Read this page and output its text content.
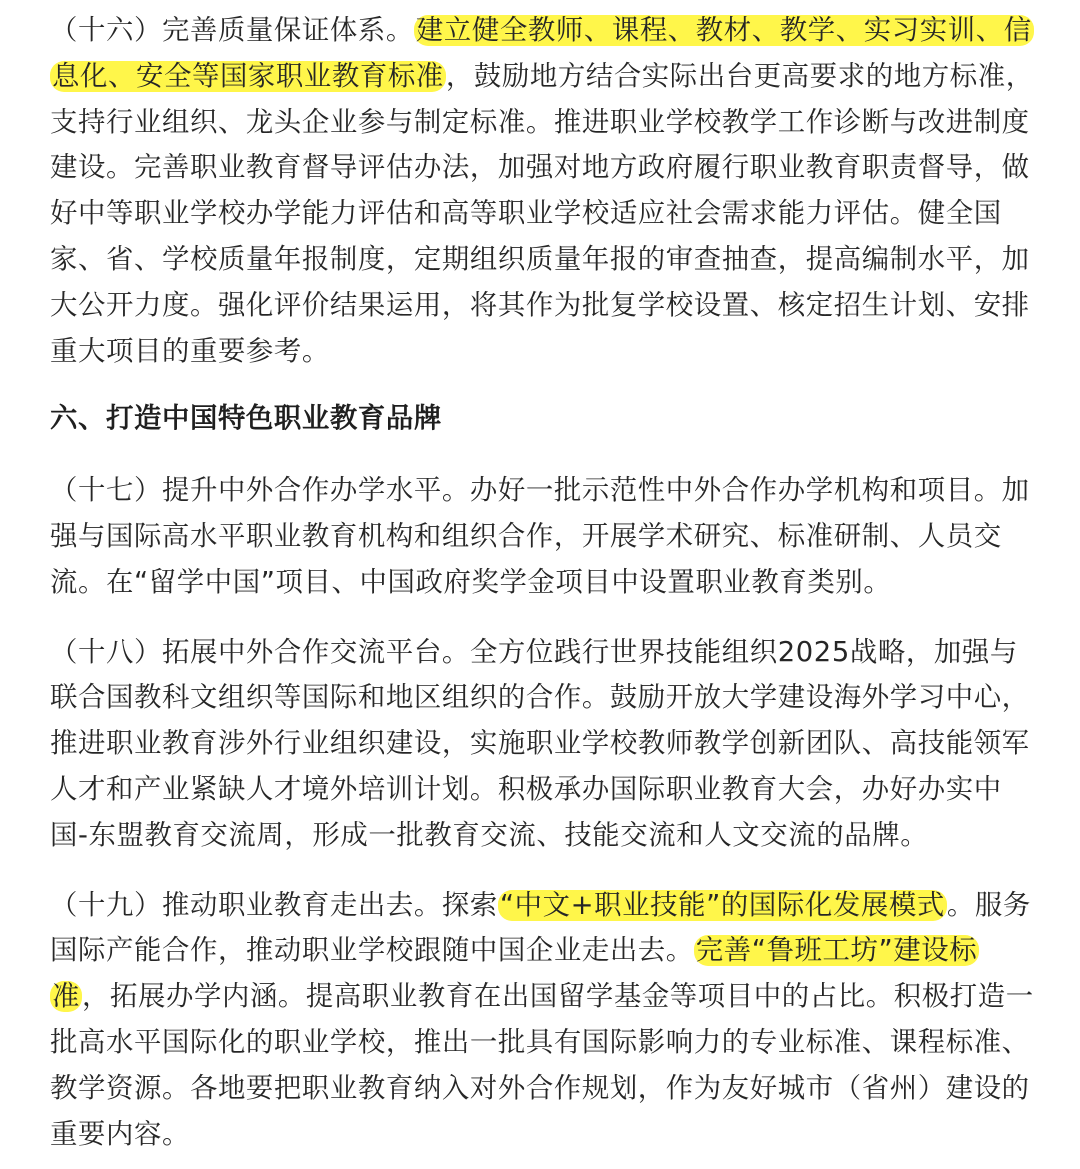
（十六）完善质量保证体系。建立健全教师、课程、教材、教学、实习实训、信息化、安全等国家职业教育标准，鼓励地方结合实际出台更高要求的地方标准，支持行业组织、龙头企业参与制定标准。推进职业学校教学工作诊断与改进制度建设。完善职业教育督导评估办法，加强对地方政府履行职业教育职责督导，做好中等职业学校办学能力评估和高等职业学校适应社会需求能力评估。健全国家、省、学校质量年报制度，定期组织质量年报的审查抽查，提高编制水平，加大公开力度。强化评价结果运用，将其作为批复学校设置、核定招生计划、安排重大项目的重要参考。

六、打造中国特色职业教育品牌

（十七）提升中外合作办学水平。办好一批示范性中外合作办学机构和项目。加强与国际高水平职业教育机构和组织合作，开展学术研究、标准研制、人员交流。在“留学中国”项目、中国政府奖学金项目中设置职业教育类别。

（十八）拓展中外合作交流平台。全方位践行世界技能组织2025战略，加强与联合国教科文组织等国际和地区组织的合作。鼓励开放大学建设海外学习中心，推进职业教育涉外行业组织建设，实施职业学校教师教学创新团队、高技能领军人才和产业紧缺人才境外培训计划。积极承办国际职业教育大会，办好办实中国-东盟教育交流周，形成一批教育交流、技能交流和人文交流的品牌。

（十九）推动职业教育走出去。探索“中文+职业技能”的国际化发展模式。服务国际产能合作，推动职业学校跟随中国企业走出去。完善“鲁班工坊”建设标准，拓展办学内涵。提高职业教育在出国留学基金等项目中的占比。积极打造一批高水平国际化的职业学校，推出一批具有国际影响力的专业标准、课程标准、教学资源。各地要把职业教育纳入对外合作规划，作为友好城市（省州）建设的重要内容。
